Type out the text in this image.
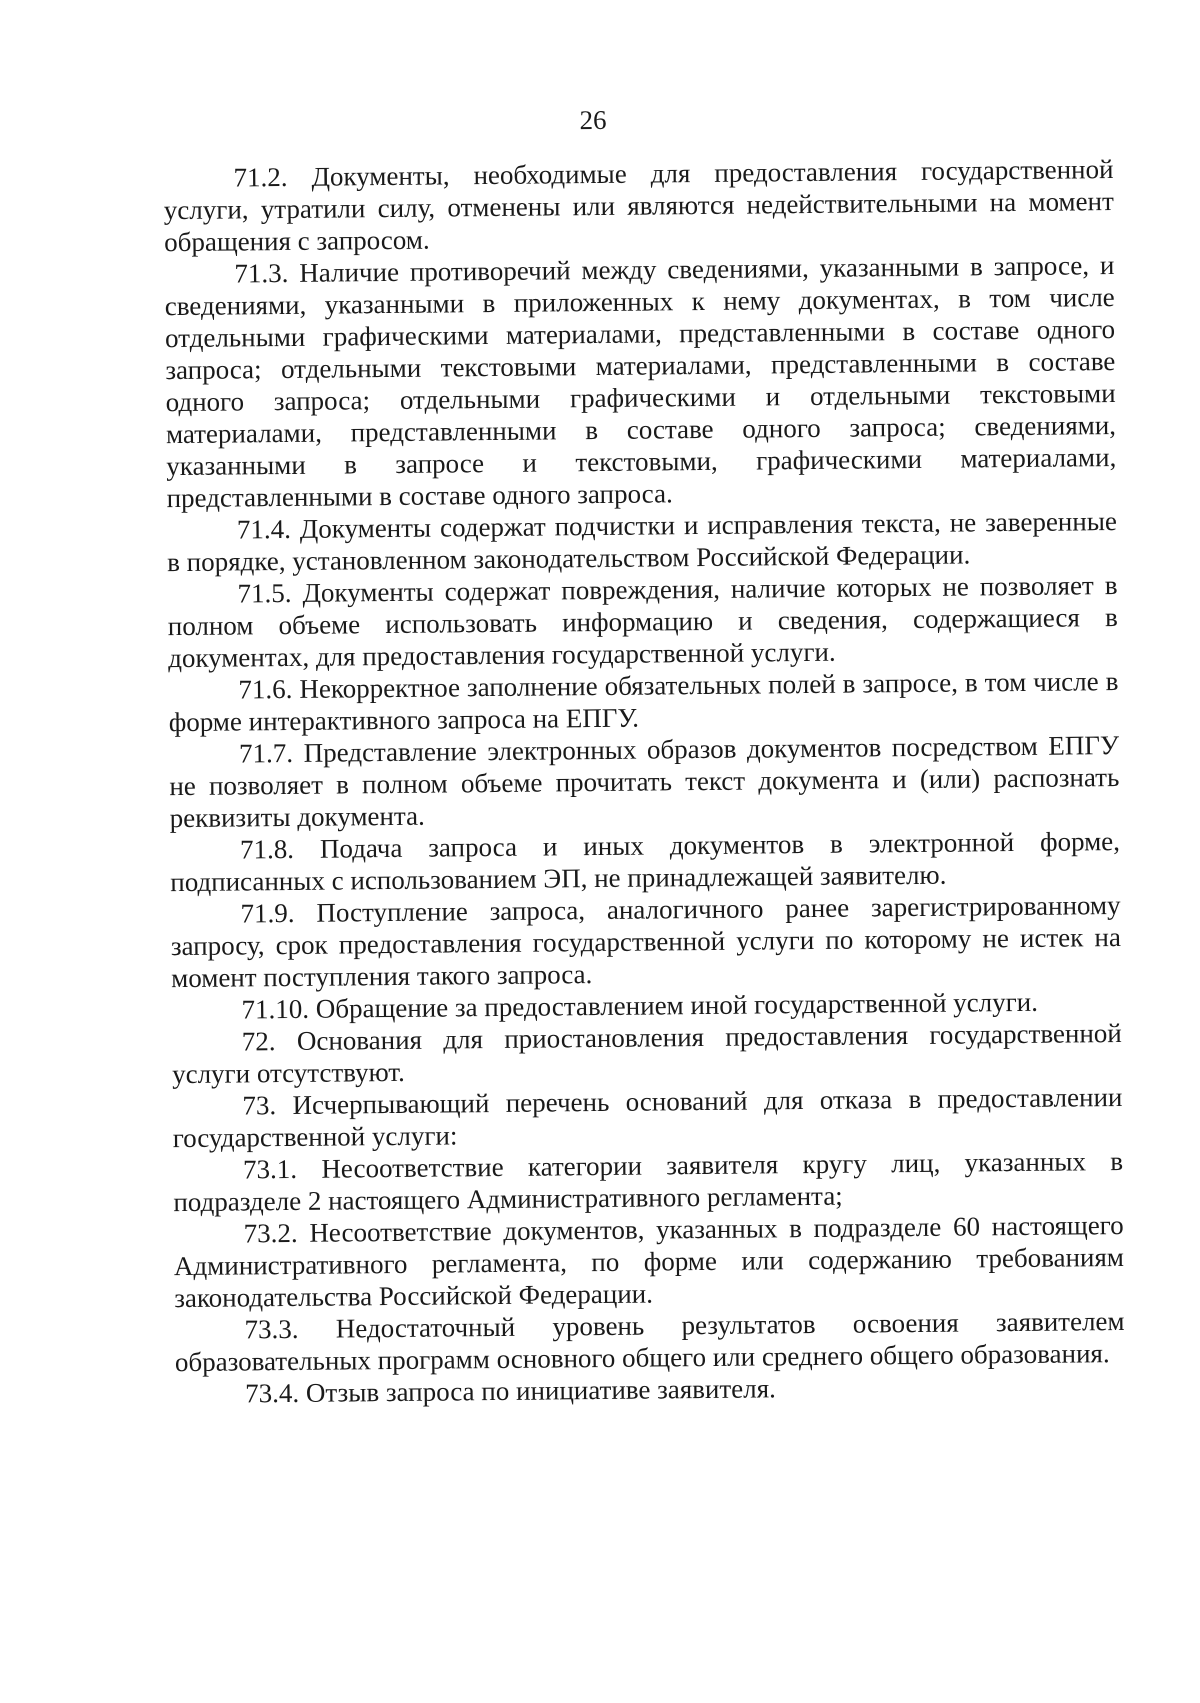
26

71.2. Документы, необходимые для предоставления государственной услуги, утратили силу, отменены или являются недействительными на момент обращения с запросом.

71.3. Наличие противоречий между сведениями, указанными в запросе, и сведениями, указанными в приложенных к нему документах, в том числе отдельными графическими материалами, представленными в составе одного запроса; отдельными текстовыми материалами, представленными в составе одного запроса; отдельными графическими и отдельными текстовыми материалами, представленными в составе одного запроса; сведениями, указанными в запросе и текстовыми, графическими материалами, представленными в составе одного запроса.

71.4. Документы содержат подчистки и исправления текста, не заверенные в порядке, установленном законодательством Российской Федерации.

71.5. Документы содержат повреждения, наличие которых не позволяет в полном объеме использовать информацию и сведения, содержащиеся в документах, для предоставления государственной услуги.

71.6. Некорректное заполнение обязательных полей в запросе, в том числе в форме интерактивного запроса на ЕПГУ.

71.7. Представление электронных образов документов посредством ЕПГУ не позволяет в полном объеме прочитать текст документа и (или) распознать реквизиты документа.

71.8. Подача запроса и иных документов в электронной форме, подписанных с использованием ЭП, не принадлежащей заявителю.

71.9. Поступление запроса, аналогичного ранее зарегистрированному запросу, срок предоставления государственной услуги по которому не истек на момент поступления такого запроса.

71.10. Обращение за предоставлением иной государственной услуги.

72. Основания для приостановления предоставления государственной услуги отсутствуют.

73. Исчерпывающий перечень оснований для отказа в предоставлении государственной услуги:

73.1. Несоответствие категории заявителя кругу лиц, указанных в подразделе 2 настоящего Административного регламента;

73.2. Несоответствие документов, указанных в подразделе 60 настоящего Административного регламента, по форме или содержанию требованиям законодательства Российской Федерации.

73.3. Недостаточный уровень результатов освоения заявителем образовательных программ основного общего или среднего общего образования.

73.4. Отзыв запроса по инициативе заявителя.
